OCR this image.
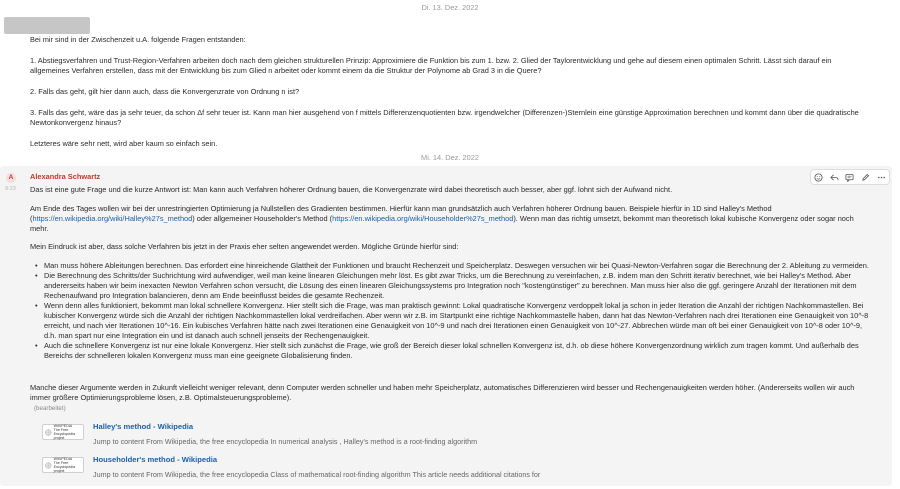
Di. 13. Dez. 2022

Bei mir sind in der Zwischenzeit u.A. folgende Fragen entstanden:

1. Abstiegsverfahren und Trust-Region-Verfahren arbeiten doch nach dem gleichen strukturellen Prinzip: Approximiere die Funktion bis zum 1. bzw. 2. Glied der Taylorentwicklung und gehe auf diesem einen optimalen Schritt. Lässt sich darauf ein allgemeines Verfahren erstellen, dass mit der Entwicklung bis zum Glied n arbeitet oder kommt einem da die Struktur der Polynome ab Grad 3 in die Quere?

2. Falls das geht, gilt hier dann auch, dass die Konvergenzrate von Ordnung n ist?

3. Falls das geht, wäre das ja sehr teuer, da schon Δf sehr teuer ist. Kann man hier ausgehend von f mittels Differenzenquotienten bzw. irgendwelcher (Differenzen-)Sternlein eine günstige Approximation berechnen und kommt dann über die quadratische Newtonkonvergenz hinaus?

Letzteres wäre sehr nett, wird aber kaum so einfach sein.

Mi. 14. Dez. 2022
A	Alexandra Schwartz
9:23 Das ist eine gute Frage und die kurze Antwort ist: Man kann auch Verfahren höherer Ordnung bauen, die Konvergenzrate wird dabei theoretisch auch besser, aber ggf. lohnt sich der Aufwand nicht.

Am Ende des Tages wollen wir bei der unrestringierten Optimierung ja Nullstellen des Gradienten bestimmen. Hierfür kann man grundsätzlich auch Verfahren höherer Ordnung bauen. Beispiele hierfür in 1D sind Halley's Method (https://en.wikipedia.org/wiki/Halley%27s_method) oder allgemeiner Householder's Method (https://en.wikipedia.org/wiki/Householder%27s_method). Wenn man das richtig umsetzt, bekommt man theoretisch lokal kubische Konvergenz oder sogar noch mehr.

Mein Eindruck ist aber, dass solche Verfahren bis jetzt in der Praxis eher selten angewendet werden. Mögliche Gründe hierfür sind:

• Man muss höhere Ableitungen berechnen. Das erfordert eine hinreichende Glattheit der Funktionen und braucht Rechenzeit und Speicherplatz. Deswegen versuchen wir bei Quasi-Newton-Verfahren sogar die Berechnung der 2. Ableitung zu vermeiden.
• Die Berechnung des Schritts/der Suchrichtung wird aufwendiger, weil man keine linearen Gleichungen mehr löst. Es gibt zwar Tricks, um die Berechnung zu vereinfachen, z.B. indem man den Schritt iterativ berechnet, wie bei Halley's Method. Aber andererseits haben wir beim inexacten Newton Verfahren schon versucht, die Lösung des einen linearen Gleichungssystems pro Integration noch "kostengünstiger" zu berechnen. Man muss hier also die ggf. geringere Anzahl der Iterationen mit dem Rechenaufwand pro Integration balancieren, denn am Ende beeinflusst beides die gesamte Rechenzeit.
• Wenn denn alles funktioniert, bekommt man lokal schnellere Konvergenz. Hier stellt sich die Frage, was man praktisch gewinnt: Lokal quadratische Konvergenz verdoppelt lokal ja schon in jeder Iteration die Anzahl der richtigen Nachkommastellen. Bei kubischer Konvergenz würde sich die Anzahl der richtigen Nachkommastellen lokal verdreifachen. Aber wenn wir z.B. im Startpunkt eine richtige Nachkommastelle haben, dann hat das Newton-Verfahren nach drei Iterationen eine Genauigkeit von 10^-8 erreicht, und nach vier Iterationen 10^-16. Ein kubisches Verfahren hätte nach zwei Iterationen eine Genauigkeit von 10^-9 und nach drei Iterationen einen Genauigkeit von 10^-27. Abbrechen würde man oft bei einer Genauigkeit von 10^-8 oder 10^-9, d.h. man spart nur eine Integration ein und ist danach auch schnell jenseits der Rechengenauigkeit.
• Auch die schnellere Konvergenz ist nur eine lokale Konvergenz. Hier stellt sich zunächst die Frage, wie groß der Bereich dieser lokal schnellen Konvergenz ist, d.h. ob diese höhere Konvergenzordnung wirklich zum tragen kommt. Und außerhalb des Bereichs der schnelleren lokalen Konvergenz muss man eine geeignete Globalisierung finden.

Manche dieser Argumente werden in Zukunft vielleicht weniger relevant, denn Computer werden schneller und haben mehr Speicherplatz, automatisches Differenzieren wird besser und Rechengenauigkeiten werden höher. (Andererseits wollen wir auch immer größere Optimierungsprobleme lösen, z.B. Optimalsteuerungsprobleme).

(bearbeitet)
WIKIPEDIA
The Free Encyclopedia project
Halley's method - Wikipedia
Jump to content From Wikipedia, the free encyclopedia In numerical analysis , Halley's method is a root-finding algorithm
WIKIPEDIA
The Free Encyclopedia project
Householder's method - Wikipedia
Jump to content From Wikipedia, the free encyclopedia Class of mathematical root-finding algorithm This article needs additional citations for
